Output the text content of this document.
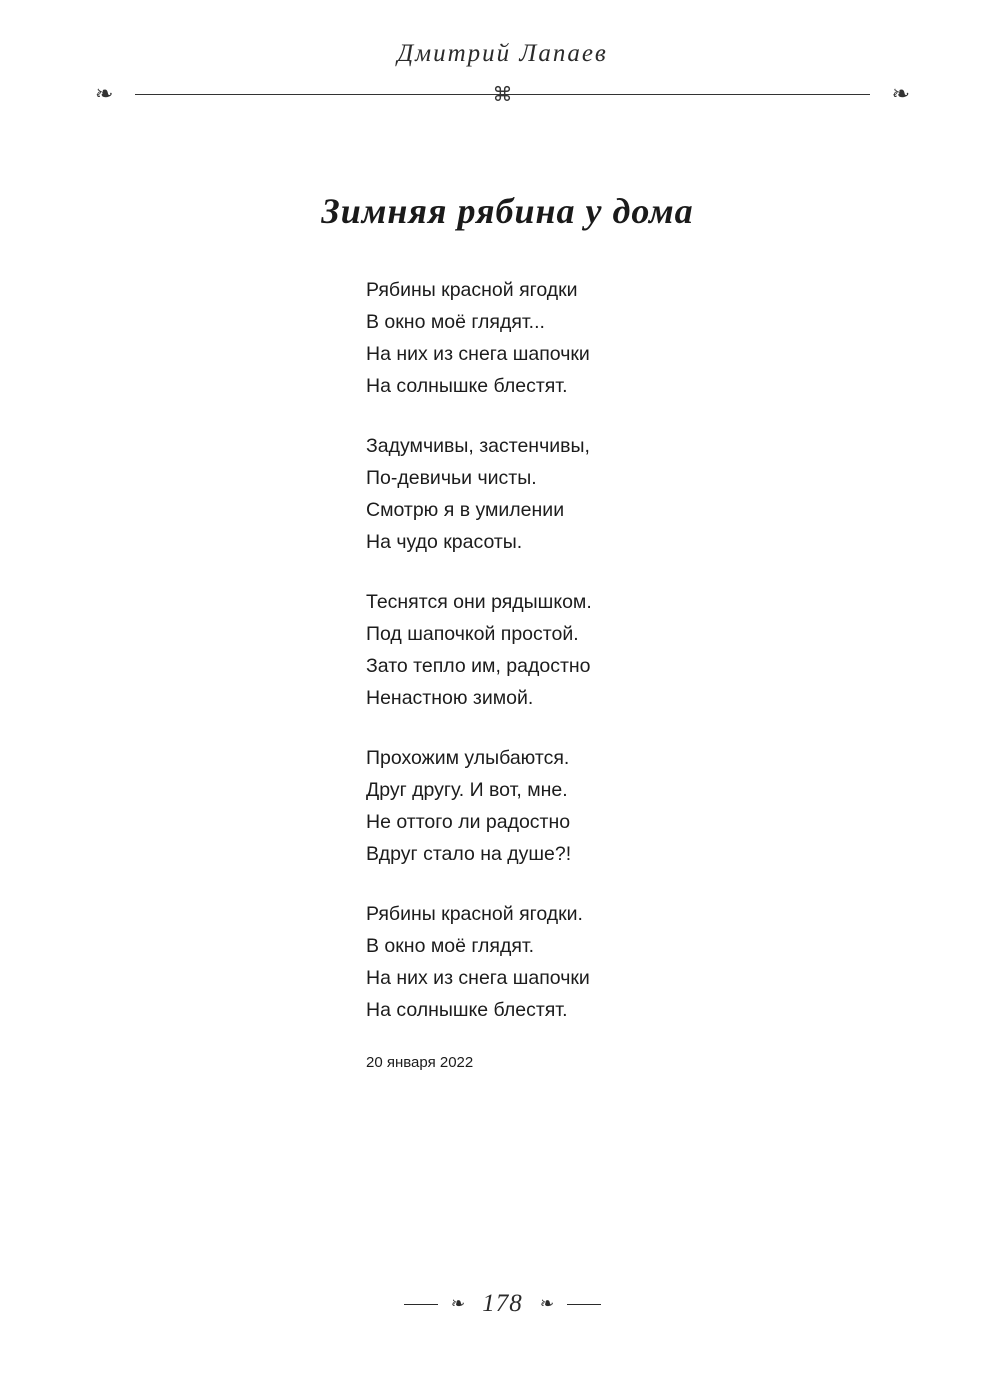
Дмитрий Лапаев
❧	⌘	❧
Зимняя рябина у дома
Рябины красной ягодки
В окно моё глядят...
На них из снега шапочки
На солнышке блестят.
Задумчивы, застенчивы,
По-девичьи чисты.
Смотрю я в умилении
На чудо красоты.
Теснятся они рядышком.
Под шапочкой простой.
Зато тепло им, радостно
Ненастною зимой.
Прохожим улыбаются.
Друг другу. И вот, мне.
Не оттого ли радостно
Вдруг стало на душе?!
Рябины красной ягодки.
В окно моё глядят.
На них из снега шапочки
На солнышке блестят.
20 января 2022
❧ 178 ❧
